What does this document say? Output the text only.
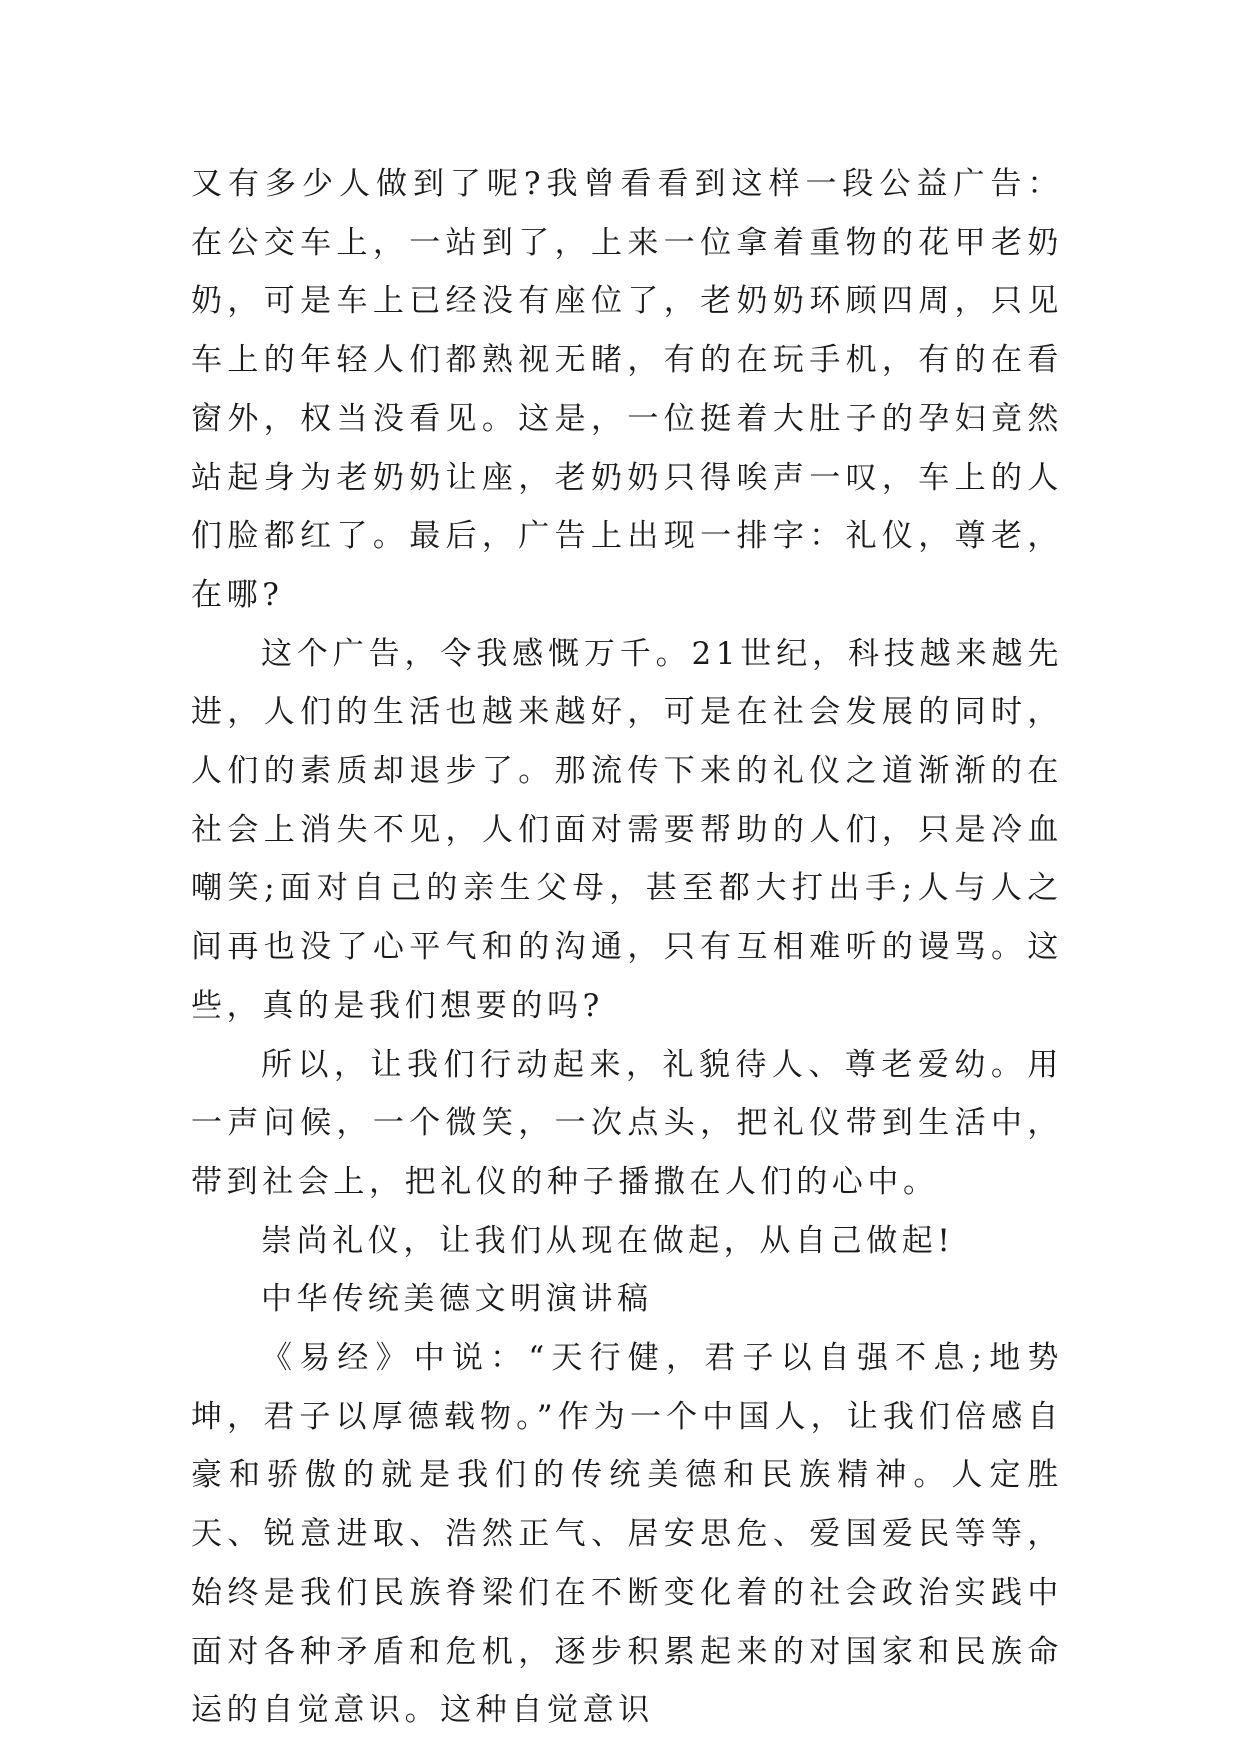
又有多少人做到了呢?我曾看看到这样一段公益广告：在公交车上，一站到了，上来一位拿着重物的花甲老奶奶，可是车上已经没有座位了，老奶奶环顾四周，只见车上的年轻人们都熟视无睹，有的在玩手机，有的在看窗外，权当没看见。这是，一位挺着大肚子的孕妇竟然站起身为老奶奶让座，老奶奶只得唉声一叹，车上的人们脸都红了。最后，广告上出现一排字：礼仪，尊老，在哪?

这个广告，令我感慨万千。21世纪，科技越来越先进，人们的生活也越来越好，可是在社会发展的同时，人们的素质却退步了。那流传下来的礼仪之道渐渐的在社会上消失不见，人们面对需要帮助的人们，只是冷血嘲笑;面对自己的亲生父母，甚至都大打出手;人与人之间再也没了心平气和的沟通，只有互相难听的谩骂。这些，真的是我们想要的吗?

所以，让我们行动起来，礼貌待人、尊老爱幼。用一声问候，一个微笑，一次点头，把礼仪带到生活中，带到社会上，把礼仪的种子播撒在人们的心中。

崇尚礼仪，让我们从现在做起，从自己做起!

中华传统美德文明演讲稿

《易经》中说：“天行健，君子以自强不息;地势坤，君子以厚德载物。”作为一个中国人，让我们倍感自豪和骄傲的就是我们的传统美德和民族精神。人定胜天、锐意进取、浩然正气、居安思危、爱国爱民等等，始终是我们民族脊梁们在不断变化着的社会政治实践中面对各种矛盾和危机，逐步积累起来的对国家和民族命运的自觉意识。这种自觉意识
